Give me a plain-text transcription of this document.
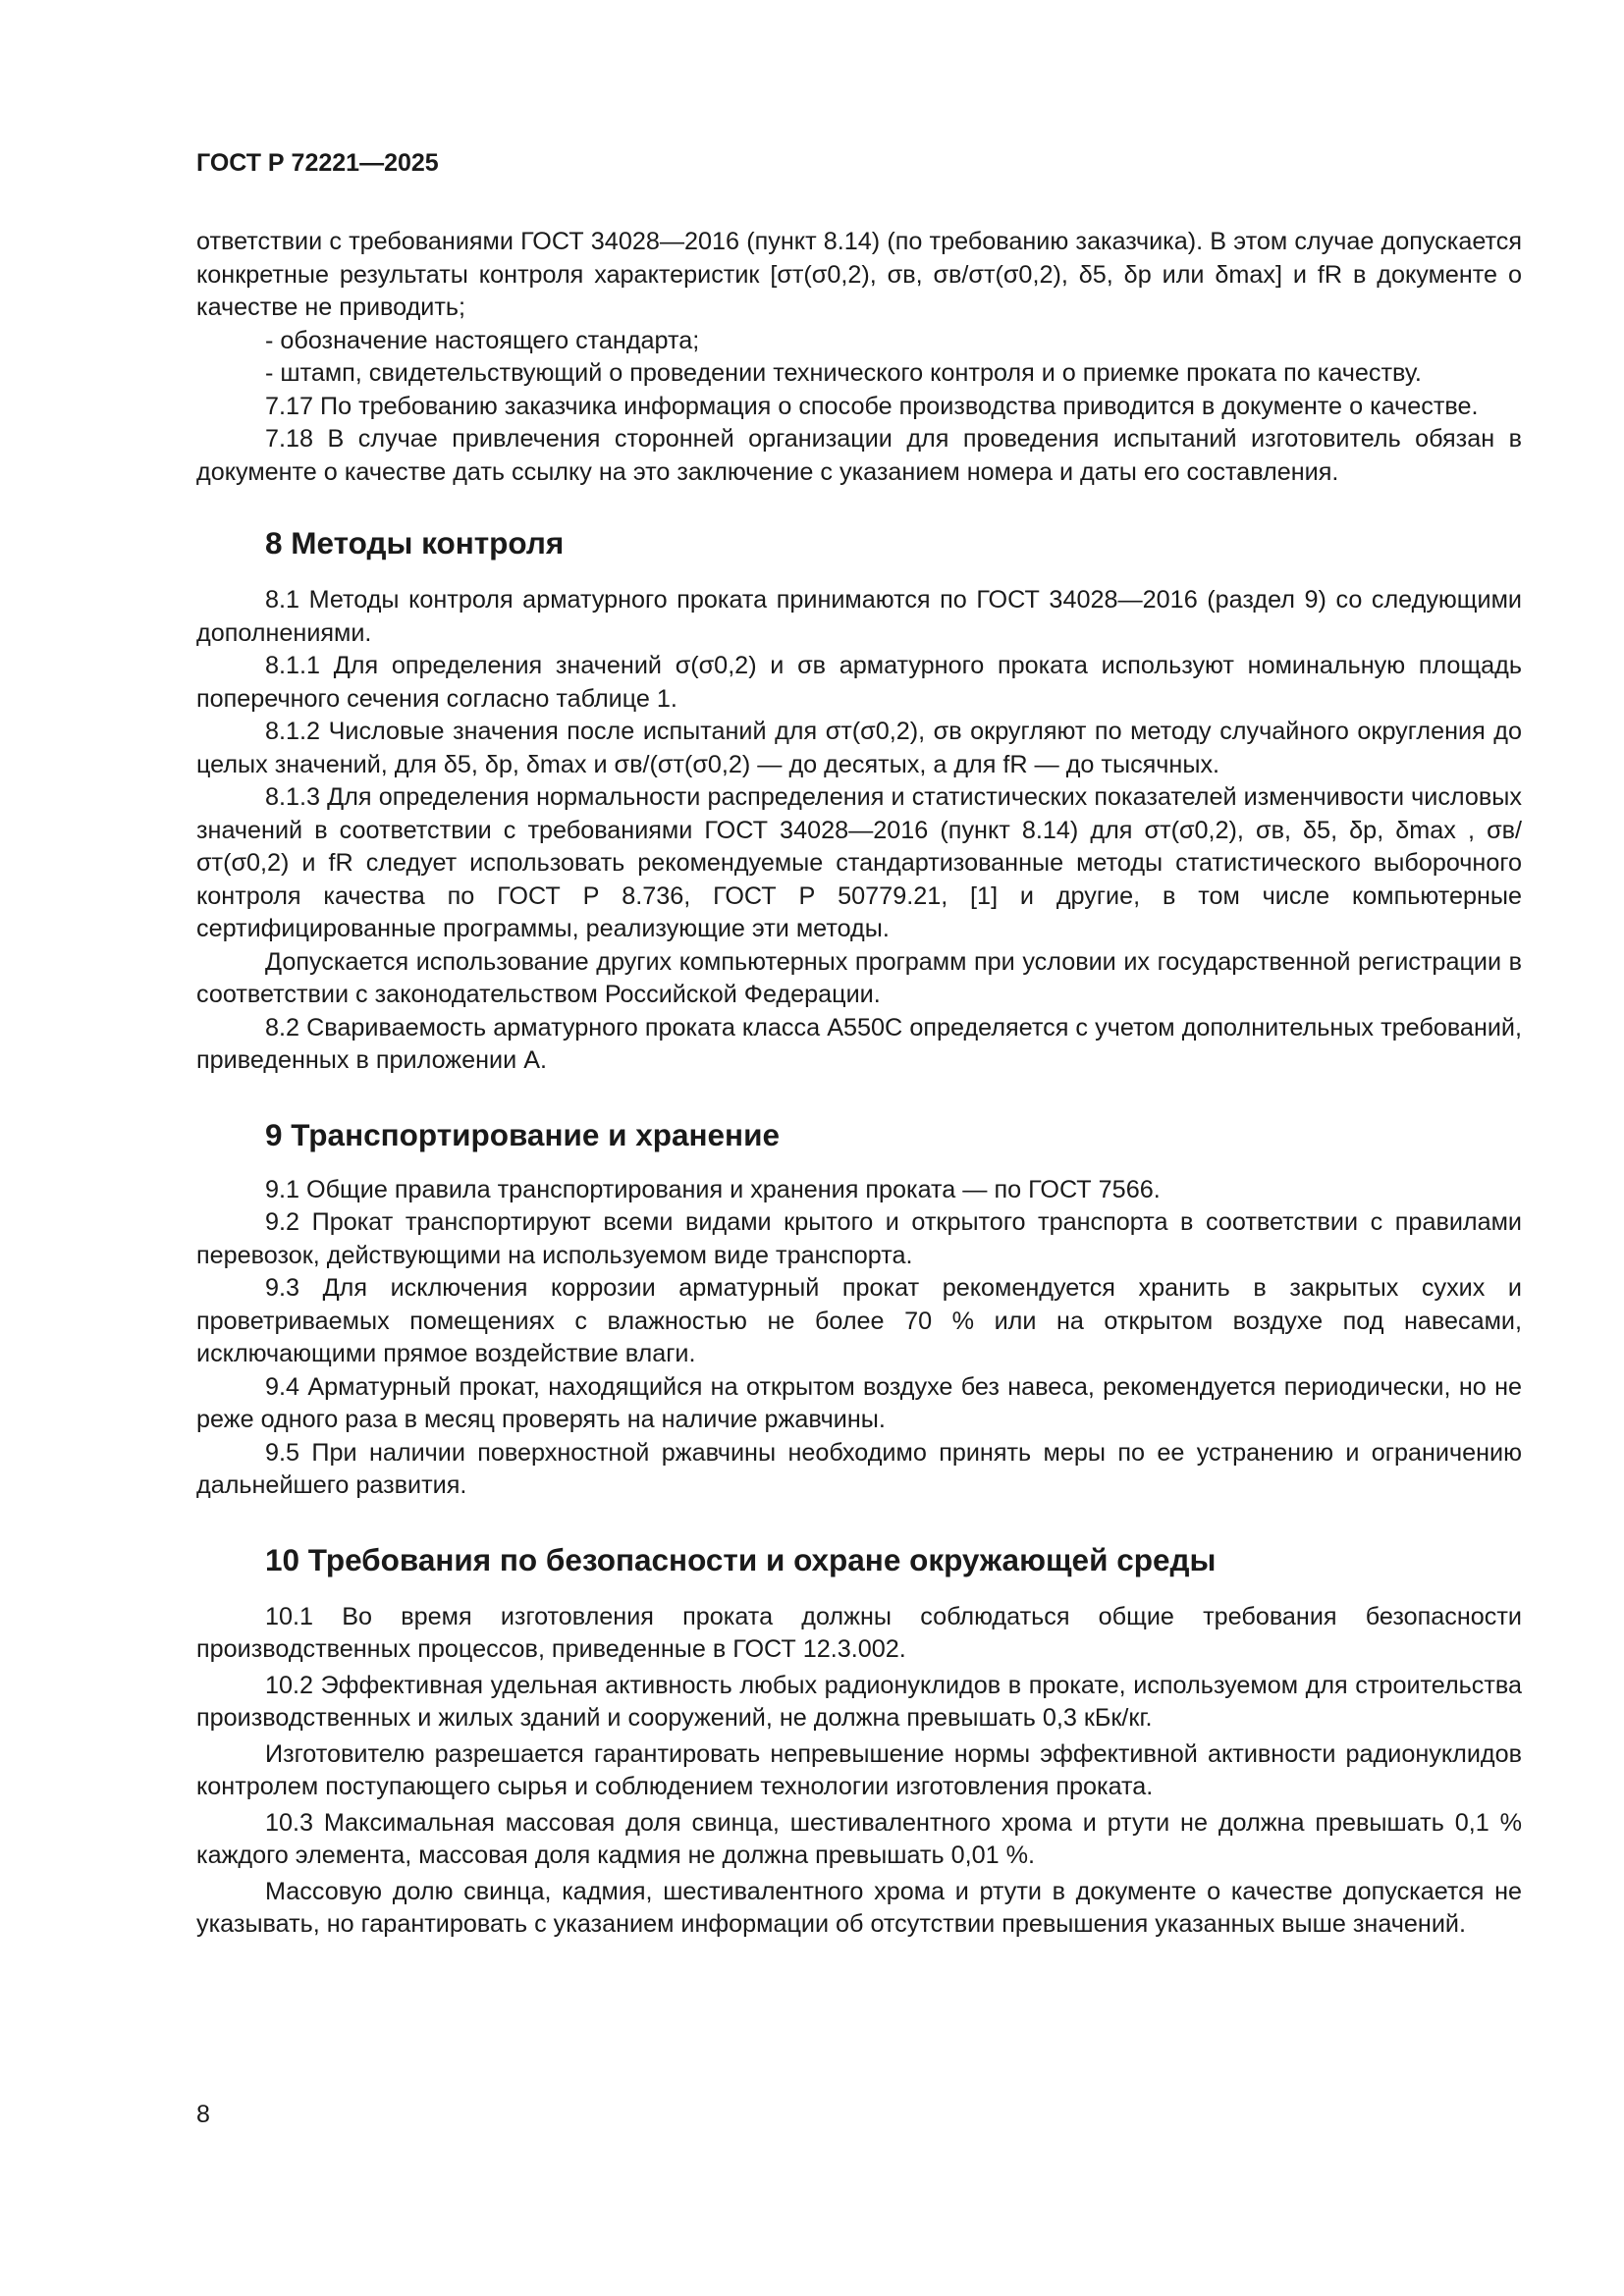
ГОСТ Р 72221—2025

ответствии с требованиями ГОСТ 34028—2016 (пункт 8.14) (по требованию заказчика). В этом случае допускается конкретные результаты контроля характеристик [σт(σ0,2), σв, σв/σт(σ0,2), δ5, δр или δmax] и fR в документе о качестве не приводить;

- обозначение настоящего стандарта;

- штамп, свидетельствующий о проведении технического контроля и о приемке проката по качеству.

7.17 По требованию заказчика информация о способе производства приводится в документе о качестве.

7.18 В случае привлечения сторонней организации для проведения испытаний изготовитель обязан в документе о качестве дать ссылку на это заключение с указанием номера и даты его составления.

8 Методы контроля

8.1 Методы контроля арматурного проката принимаются по ГОСТ 34028—2016 (раздел 9) со следующими дополнениями.

8.1.1 Для определения значений σ(σ0,2) и σв арматурного проката используют номинальную площадь поперечного сечения согласно таблице 1.

8.1.2 Числовые значения после испытаний для σт(σ0,2), σв округляют по методу случайного округления до целых значений, для δ5, δр, δmax и σв/(σт(σ0,2) — до десятых, а для fR — до тысячных.

8.1.3 Для определения нормальности распределения и статистических показателей изменчивости числовых значений в соответствии с требованиями ГОСТ 34028—2016 (пункт 8.14) для σт(σ0,2), σв, δ5, δр, δmax , σв/σт(σ0,2) и fR следует использовать рекомендуемые стандартизованные методы статистического выборочного контроля качества по ГОСТ Р 8.736, ГОСТ Р 50779.21, [1] и другие, в том числе компьютерные сертифицированные программы, реализующие эти методы.

Допускается использование других компьютерных программ при условии их государственной регистрации в соответствии с законодательством Российской Федерации.

8.2 Свариваемость арматурного проката класса А550С определяется с учетом дополнительных требований, приведенных в приложении А.

9 Транспортирование и хранение

9.1 Общие правила транспортирования и хранения проката — по ГОСТ 7566.

9.2 Прокат транспортируют всеми видами крытого и открытого транспорта в соответствии с правилами перевозок, действующими на используемом виде транспорта.

9.3 Для исключения коррозии арматурный прокат рекомендуется хранить в закрытых сухих и проветриваемых помещениях с влажностью не более 70 % или на открытом воздухе под навесами, исключающими прямое воздействие влаги.

9.4 Арматурный прокат, находящийся на открытом воздухе без навеса, рекомендуется периодически, но не реже одного раза в месяц проверять на наличие ржавчины.

9.5 При наличии поверхностной ржавчины необходимо принять меры по ее устранению и ограничению дальнейшего развития.

10 Требования по безопасности и охране окружающей среды

10.1 Во время изготовления проката должны соблюдаться общие требования безопасности производственных процессов, приведенные в ГОСТ 12.3.002.

10.2 Эффективная удельная активность любых радионуклидов в прокате, используемом для строительства производственных и жилых зданий и сооружений, не должна превышать 0,3 кБк/кг.

Изготовителю разрешается гарантировать непревышение нормы эффективной активности радионуклидов контролем поступающего сырья и соблюдением технологии изготовления проката.

10.3 Максимальная массовая доля свинца, шестивалентного хрома и ртути не должна превышать 0,1 % каждого элемента, массовая доля кадмия не должна превышать 0,01 %.

Массовую долю свинца, кадмия, шестивалентного хрома и ртути в документе о качестве допускается не указывать, но гарантировать с указанием информации об отсутствии превышения указанных выше значений.

8
